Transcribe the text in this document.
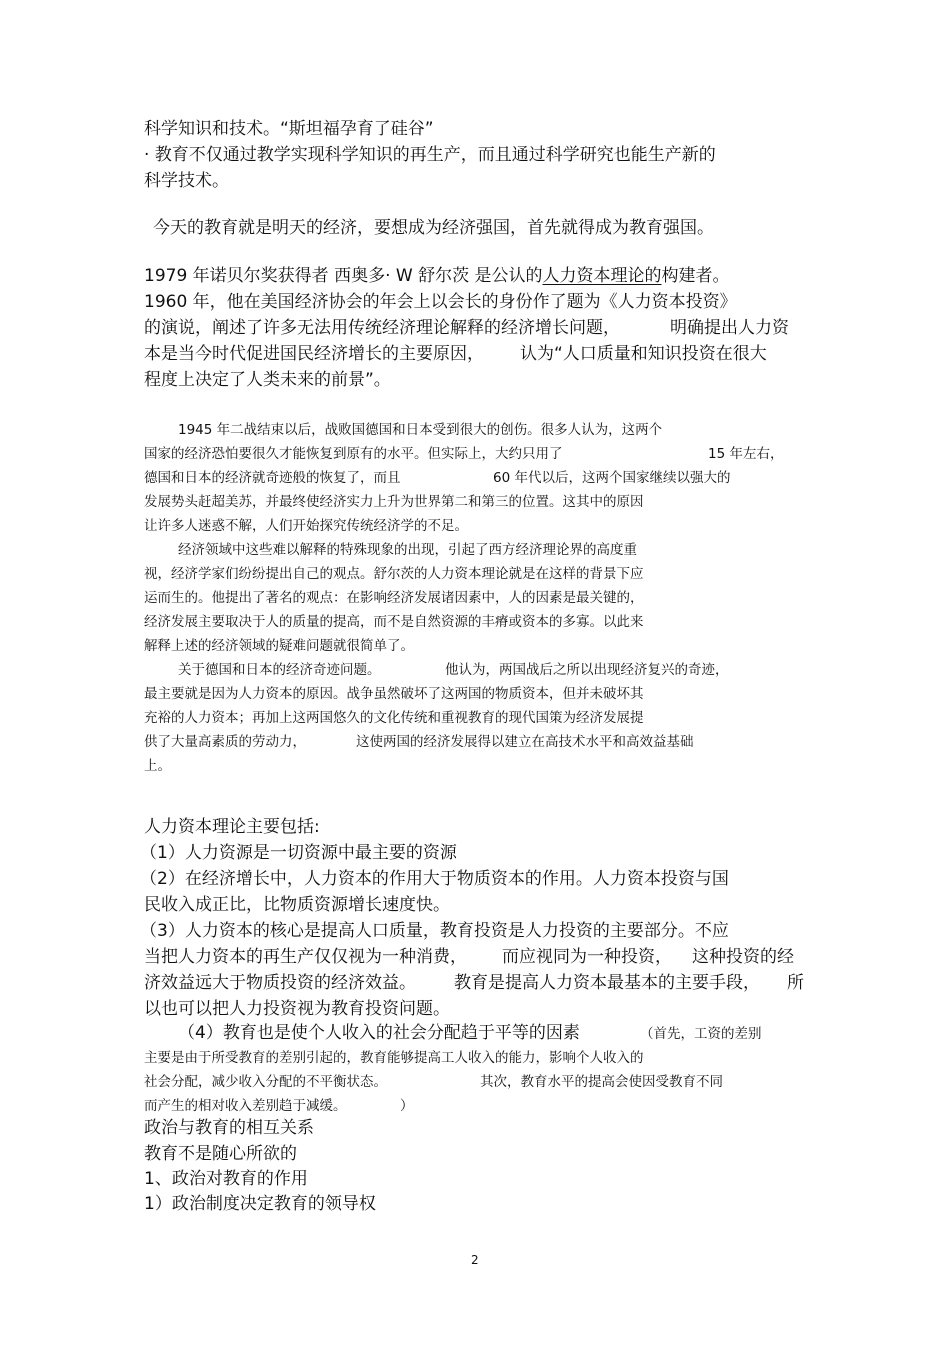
科学知识和技术。“斯坦福孕育了硅谷”
· 教育不仅通过教学实现科学知识的再生产，而且通过科学研究也能生产新的
科学技术。
今天的教育就是明天的经济，要想成为经济强国，首先就得成为教育强国。
1979 年诺贝尔奖获得者 西奥多· W 舒尔茨 是公认的人力资本理论的构建者。
1960 年，他在美国经济协会的年会上以会长的身份作了题为《人力资本投资》
的演说，阐述了许多无法用传统经济理论解释的经济增长问题，	明确提出人力资
本是当今时代促进国民经济增长的主要原因， 认为“人口质量和知识投资在很大
程度上决定了人类未来的前景”。
1945 年二战结束以后，战败国德国和日本受到很大的创伤。很多人认为，这两个
国家的经济恐怕要很久才能恢复到原有的水平。但实际上，大约只用了	15 年左右，
德国和日本的经济就奇迹般的恢复了，而且	60 年代以后，这两个国家继续以强大的
发展势头赶超美苏，并最终使经济实力上升为世界第二和第三的位置。这其中的原因
让许多人迷惑不解，人们开始探究传统经济学的不足。
经济领域中这些难以解释的特殊现象的出现，引起了西方经济理论界的高度重
视，经济学家们纷纷提出自己的观点。舒尔茨的人力资本理论就是在这样的背景下应
运而生的。他提出了著名的观点：在影响经济发展诸因素中，人的因素是最关键的，
经济发展主要取决于人的质量的提高，而不是自然资源的丰瘠或资本的多寡。以此来
解释上述的经济领域的疑难问题就很简单了。
关于德国和日本的经济奇迹问题。	他认为，两国战后之所以出现经济复兴的奇迹，
最主要就是因为人力资本的原因。战争虽然破坏了这两国的物质资本，但并未破坏其
充裕的人力资本；再加上这两国悠久的文化传统和重视教育的现代国策为经济发展提
供了大量高素质的劳动力，	这使两国的经济发展得以建立在高技术水平和高效益基础
上。
人力资本理论主要包括:
（1）人力资源是一切资源中最主要的资源
（2）在经济增长中，人力资本的作用大于物质资本的作用。人力资本投资与国
民收入成正比，比物质资源增长速度快。
（3）人力资本的核心是提高人口质量，教育投资是人力投资的主要部分。不应
当把人力资本的再生产仅仅视为一种消费， 而应视同为一种投资， 这种投资的经
济效益远大于物质投资的经济效益。 教育是提高人力资本最基本的主要手段， 所
以也可以把人力投资视为教育投资问题。
（4）教育也是使个人收入的社会分配趋于平等的因素	（首先，工资的差别
主要是由于所受教育的差别引起的，教育能够提高工人收入的能力，影响个人收入的
社会分配，减少收入分配的不平衡状态。	其次，教育水平的提高会使因受教育不同
而产生的相对收入差别趋于减缓。	）
政治与教育的相互关系
教育不是随心所欲的
1、政治对教育的作用
1）政治制度决定教育的领导权
2
